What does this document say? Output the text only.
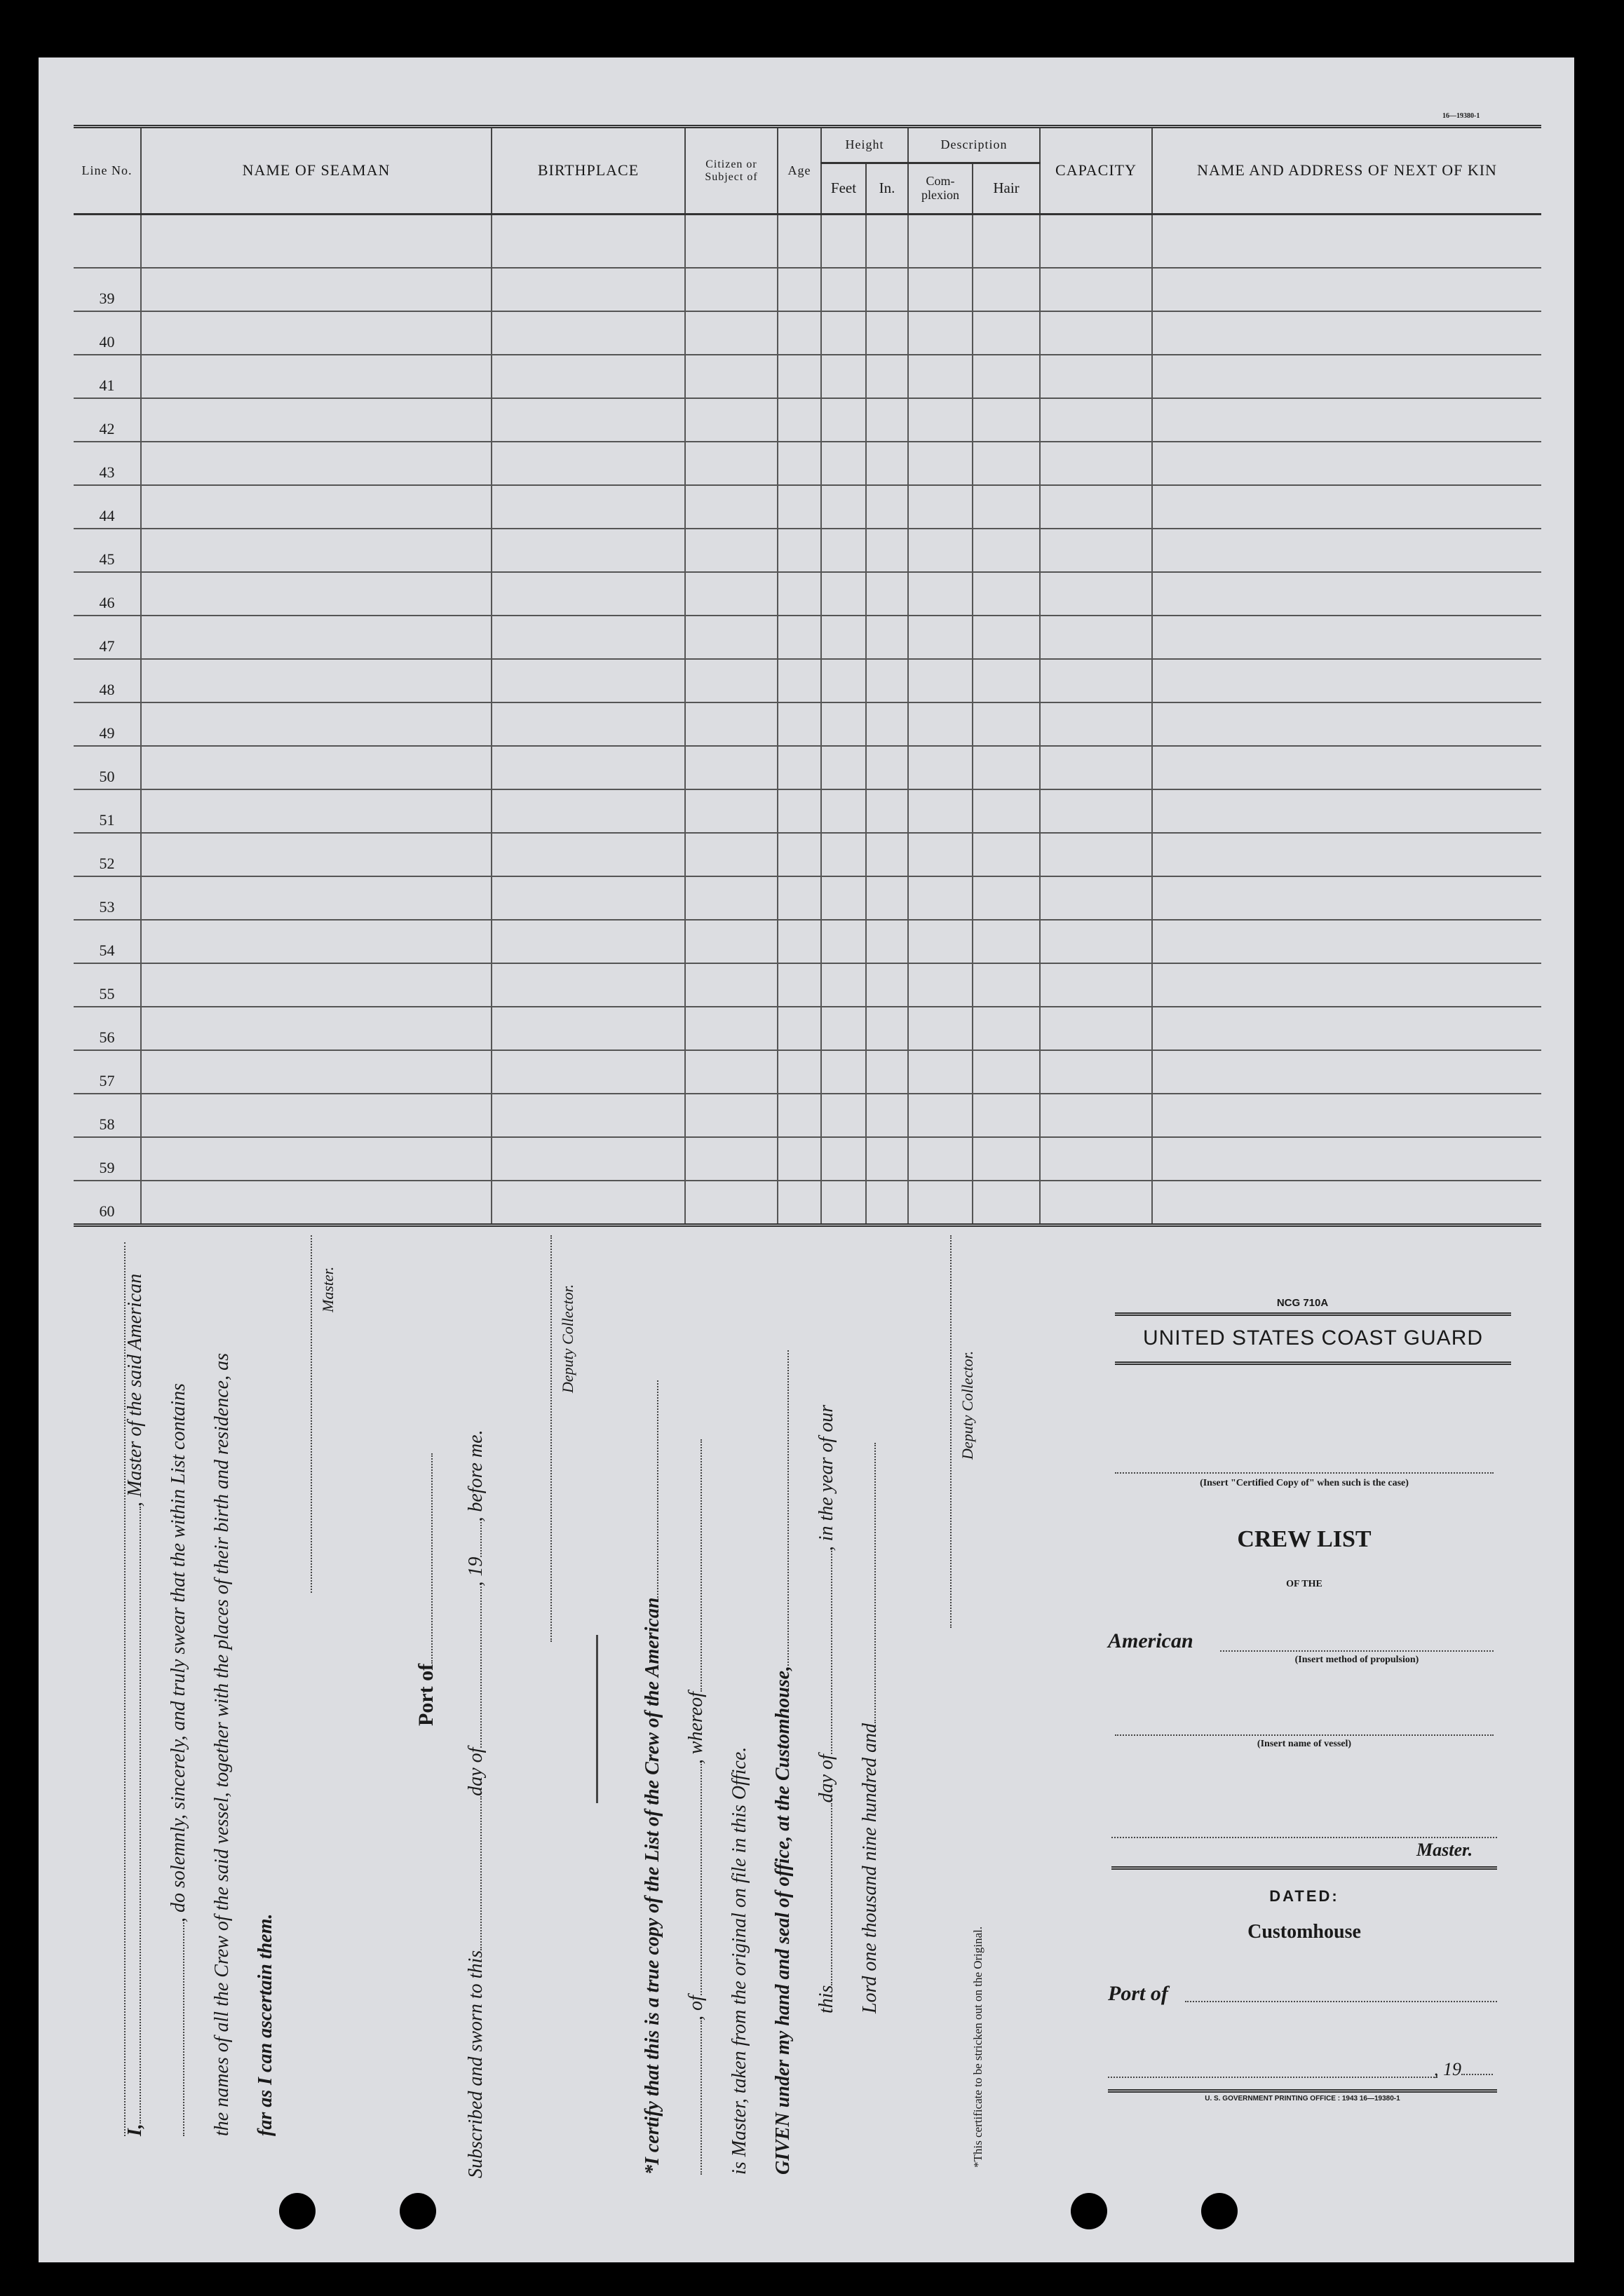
16—19380-1
Line No.	NAME OF SEAMAN	BIRTHPLACE	Citizen or Subject of	Age	Height		Description		CAPACITY	NAME AND ADDRESS OF NEXT OF KIN
					Feet	In.	Com-plexion	Hair		

39										
40										
41										
42										
43										
44										
45										
46										
47										
48										
49										
50										
51										
52										
53										
54										
55										
56										
57										
58										
59										
60										
I,, Master of the said American , do solemnly, sincerely, and truly swear that the within List contains the names of all the Crew of the said vessel, together with the places of their birth and residence, as far as I can ascertain them.
Master.
Port of
Subscribed and sworn to thisday of, 19, before me.
Deputy Collector.
*I certify that this is a true copy of the List of the Crew of the American , of, whereof
is Master, taken from the original on file in this Office. GIVEN under my hand and seal of office, at the Customhouse, thisday of, in the year of our
Lord one thousand nine hundred and
Deputy Collector.
*This certificate to be stricken out on the Original.
NCG 710A
UNITED STATES COAST GUARD
(Insert "Certified Copy of" when such is the case)
CREW LIST
OF THE
American
(Insert method of propulsion)
(Insert name of vessel)
Master.
DATED:
Customhouse
Port of
, 19
U. S. GOVERNMENT PRINTING OFFICE : 1943 16—19380-1
